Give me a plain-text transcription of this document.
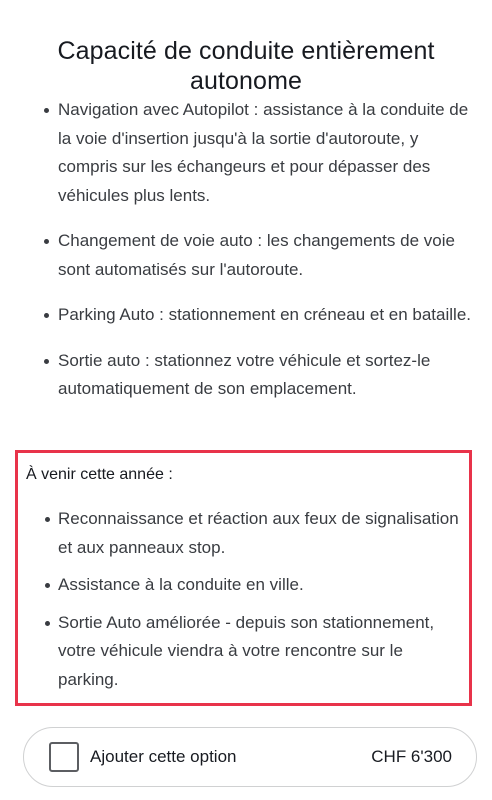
Capacité de conduite entièrement autonome
Navigation avec Autopilot : assistance à la conduite de la voie d'insertion jusqu'à la sortie d'autoroute, y compris sur les échangeurs et pour dépasser des véhicules plus lents.
Changement de voie auto : les changements de voie sont automatisés sur l'autoroute.
Parking Auto : stationnement en créneau et en bataille.
Sortie auto : stationnez votre véhicule et sortez-le automatiquement de son emplacement.
À venir cette année :
Reconnaissance et réaction aux feux de signalisation et aux panneaux stop.
Assistance à la conduite en ville.
Sortie Auto améliorée - depuis son stationnement, votre véhicule viendra à votre rencontre sur le parking.
Ajouter cette option	CHF 6'300
